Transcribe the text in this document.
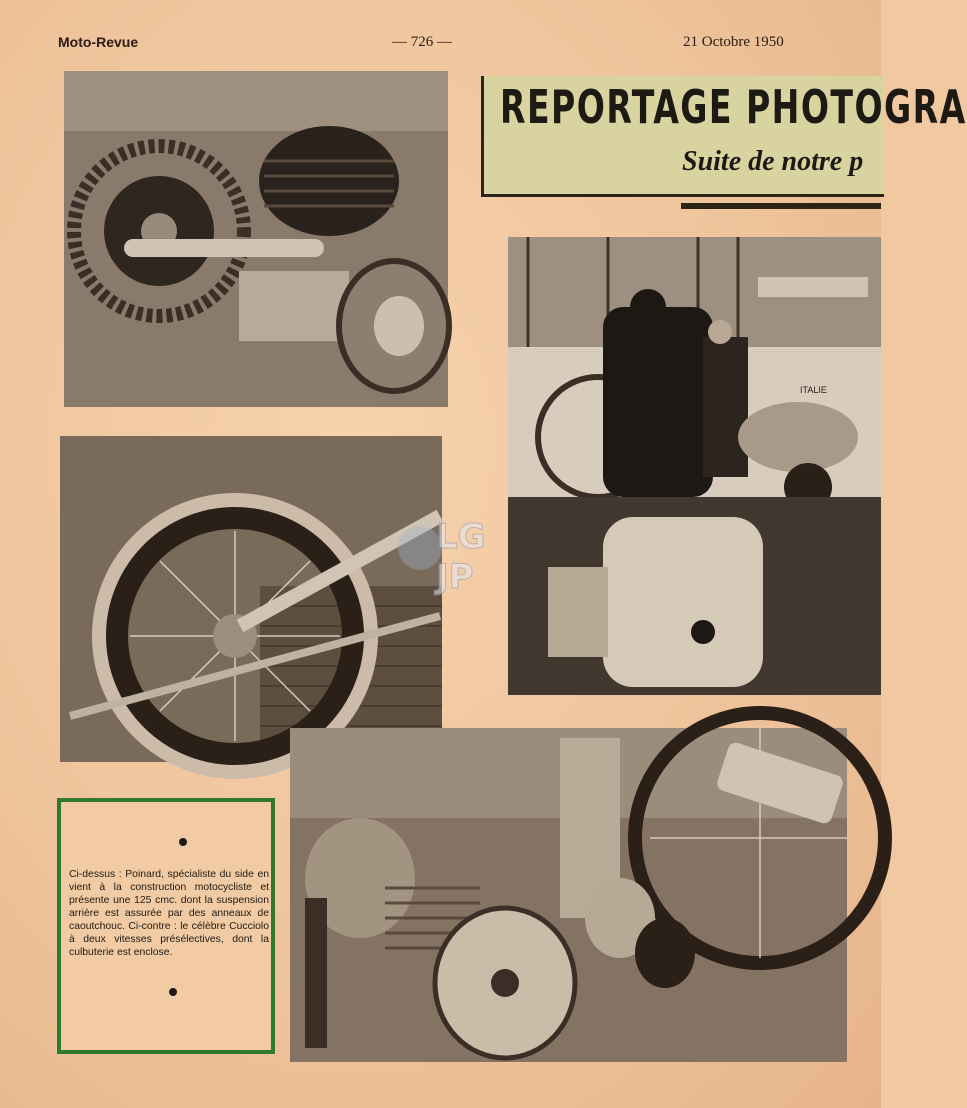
Moto-Revue	— 726 —	21 Octobre 1950
ITALIE
REPORTAGE PHOTOGRA
Suite de notre p
Ci-dessus : Poinard, spécialiste du side en vient à la construction motocycliste et présente une 125 cmc. dont la suspension arrière est assurée par des anneaux de caoutchouc. Ci-contre : le célèbre Cucciolo à deux vitesses présélectives, dont la culbuterie est enclose.
LG
JP
